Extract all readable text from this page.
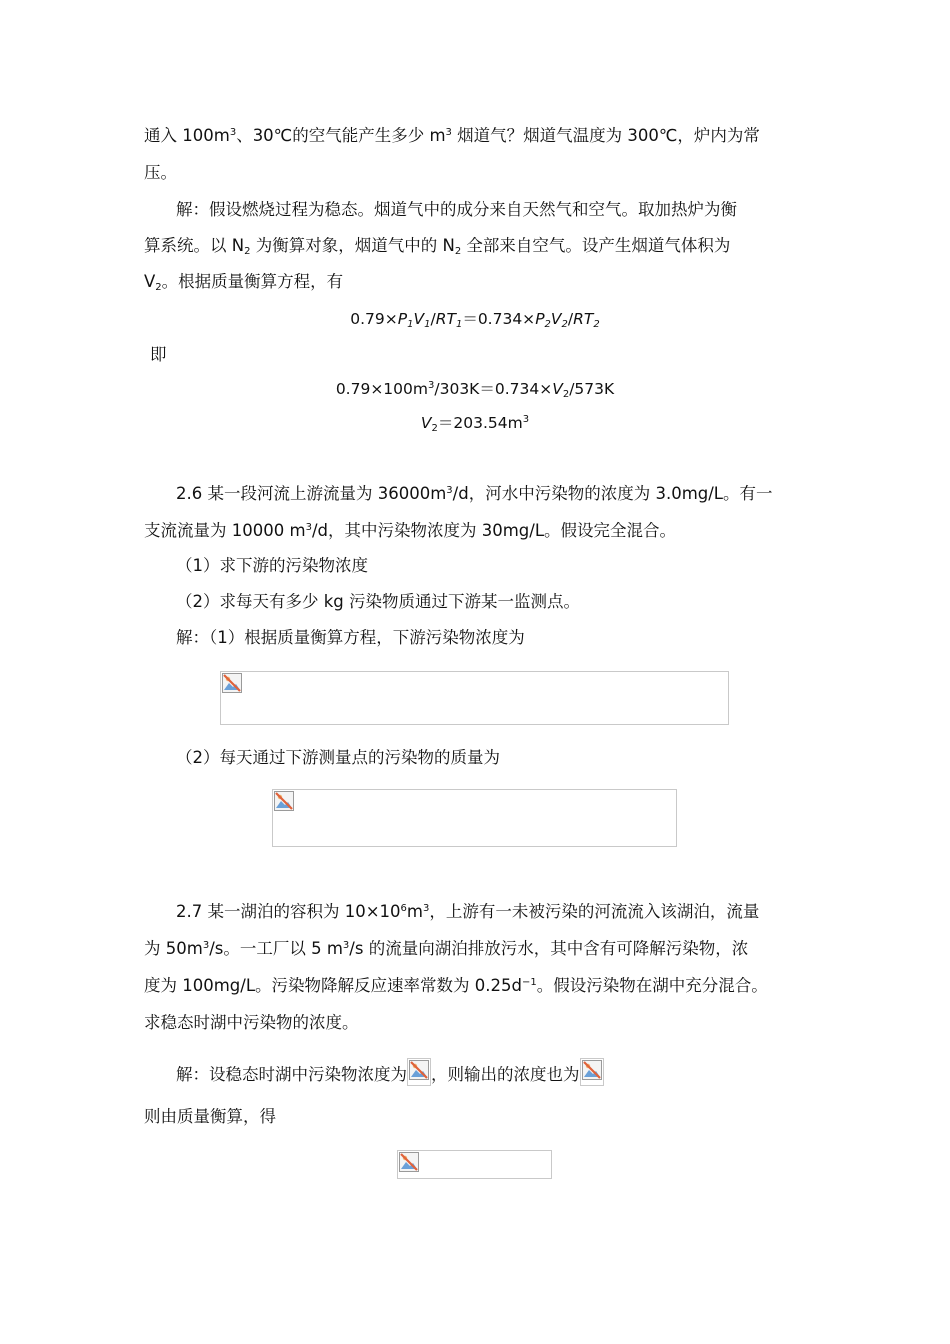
通入 $100m^3$、30℃的空气能产生多少 $m^3$ 烟道气？烟道气温度为 300℃，炉内为常
压。
解：假设燃烧过程为稳态。烟道气中的成分来自天然气和空气。取加热炉为衡
算系统。以 $N_2$ 为衡算对象，烟道气中的 $N_2$ 全部来自空气。设产生烟道气体积为
$V_2$。根据质量衡算方程，有
$0.79\times P_1V_1/RT_1=0.734\times P_2V_2/RT_2$
即
$0.79\times 100m^3/303K=0.734\times V_2/573K$
$V_2=203.54m^3$
2.6 某一段河流上游流量为 $36000m^3/d$，河水中污染物的浓度为 3.0mg/L。有一
支流流量为 10000 $m^3/d$，其中污染物浓度为 30mg/L。假设完全混合。
（1）求下游的污染物浓度
（2）求每天有多少 kg 污染物质通过下游某一监测点。
解：（1）根据质量衡算方程，下游污染物浓度为
（2）每天通过下游测量点的污染物的质量为
2.7 某一湖泊的容积为 $10\times 10^6m^3$，上游有一未被污染的河流流入该湖泊，流量
为 $50m^3/s$。一工厂以 5 $m^3/s$ 的流量向湖泊排放污水，其中含有可降解污染物，浓
度为 100mg/L。污染物降解反应速率常数为 $0.25d^{-1}$。假设污染物在湖中充分混合。
求稳态时湖中污染物的浓度。
解：设稳态时湖中污染物浓度为 ，则输出的浓度也为
则由质量衡算，得
